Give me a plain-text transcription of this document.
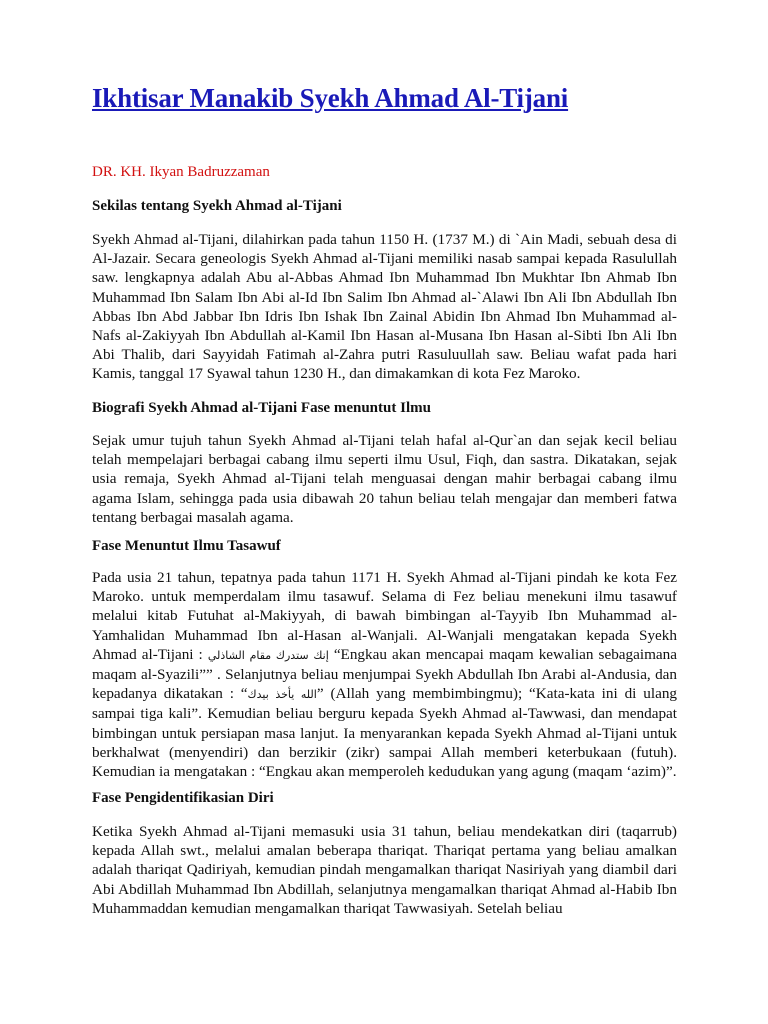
Ikhtisar Manakib Syekh Ahmad Al-Tijani
DR. KH. Ikyan Badruzzaman
Sekilas tentang Syekh Ahmad al-Tijani

Syekh Ahmad al-Tijani, dilahirkan pada tahun 1150 H. (1737 M.) di `Ain Madi, sebuah desa di Al-Jazair. Secara geneologis Syekh Ahmad al-Tijani memiliki nasab sampai kepada Rasulullah saw. lengkapnya adalah Abu al-Abbas Ahmad Ibn Muhammad Ibn Mukhtar Ibn Ahmab Ibn Muhammad Ibn Salam Ibn Abi al-Id Ibn Salim Ibn Ahmad al-`Alawi Ibn Ali Ibn Abdullah Ibn Abbas Ibn Abd Jabbar Ibn Idris Ibn Ishak Ibn Zainal Abidin Ibn Ahmad Ibn Muhammad al-Nafs al-Zakiyyah Ibn Abdullah al-Kamil Ibn Hasan al-Musana Ibn Hasan al-Sibti Ibn Ali Ibn Abi Thalib, dari Sayyidah Fatimah al-Zahra putri Rasuluullah saw. Beliau wafat pada hari Kamis, tanggal 17 Syawal tahun 1230 H., dan dimakamkan di kota Fez Maroko.

Biografi Syekh Ahmad al-Tijani Fase menuntut Ilmu

Sejak umur tujuh tahun Syekh Ahmad al-Tijani telah hafal al-Qur`an dan sejak kecil beliau telah mempelajari berbagai cabang ilmu seperti ilmu Usul, Fiqh, dan sastra. Dikatakan, sejak usia remaja, Syekh Ahmad al-Tijani telah menguasai dengan mahir berbagai cabang ilmu agama Islam, sehingga pada usia dibawah 20 tahun beliau telah mengajar dan memberi fatwa tentang berbagai masalah agama.

Fase Menuntut Ilmu Tasawuf

Pada usia 21 tahun, tepatnya pada tahun 1171 H. Syekh Ahmad al-Tijani pindah ke kota Fez Maroko. untuk memperdalam ilmu tasawuf. Selama di Fez beliau menekuni ilmu tasawuf melalui kitab Futuhat al-Makiyyah, di bawah bimbingan al-Tayyib Ibn Muhammad al-Yamhalidan Muhammad Ibn al-Hasan al-Wanjali. Al-Wanjali mengatakan kepada Syekh Ahmad al-Tijani : ﺇﻧﻚ ﺳﺘﺪﺭﻙ ﻣﻘﺎﻡ ﺍﻟﺸﺎﺫﻟﻲ “Engkau akan mencapai maqam kewalian sebagaimana maqam al-Syazili”” . Selanjutnya beliau menjumpai Syekh Abdullah Ibn Arabi al-Andusia, dan kepadanya dikatakan : “ﺍﻟﻠﻪ ﻳﺄﺧﺬ ﺑﻴﺪﻙ” (Allah yang membimbingmu); “Kata-kata ini di ulang sampai tiga kali”. Kemudian beliau berguru kepada Syekh Ahmad al-Tawwasi, dan mendapat bimbingan untuk persiapan masa lanjut. Ia menyarankan kepada Syekh Ahmad al-Tijani untuk berkhalwat (menyendiri) dan berzikir (zikr) sampai Allah memberi keterbukaan (futuh). Kemudian ia mengatakan : “Engkau akan memperoleh kedudukan yang agung (maqam ‘azim)”.

Fase Pengidentifikasian Diri

Ketika Syekh Ahmad al-Tijani memasuki usia 31 tahun, beliau mendekatkan diri (taqarrub) kepada Allah swt., melalui amalan beberapa thariqat. Thariqat pertama yang beliau amalkan adalah thariqat Qadiriyah, kemudian pindah mengamalkan thariqat Nasiriyah yang diambil dari Abi Abdillah Muhammad Ibn Abdillah, selanjutnya mengamalkan thariqat Ahmad al-Habib Ibn Muhammaddan kemudian mengamalkan thariqat Tawwasiyah. Setelah beliau
